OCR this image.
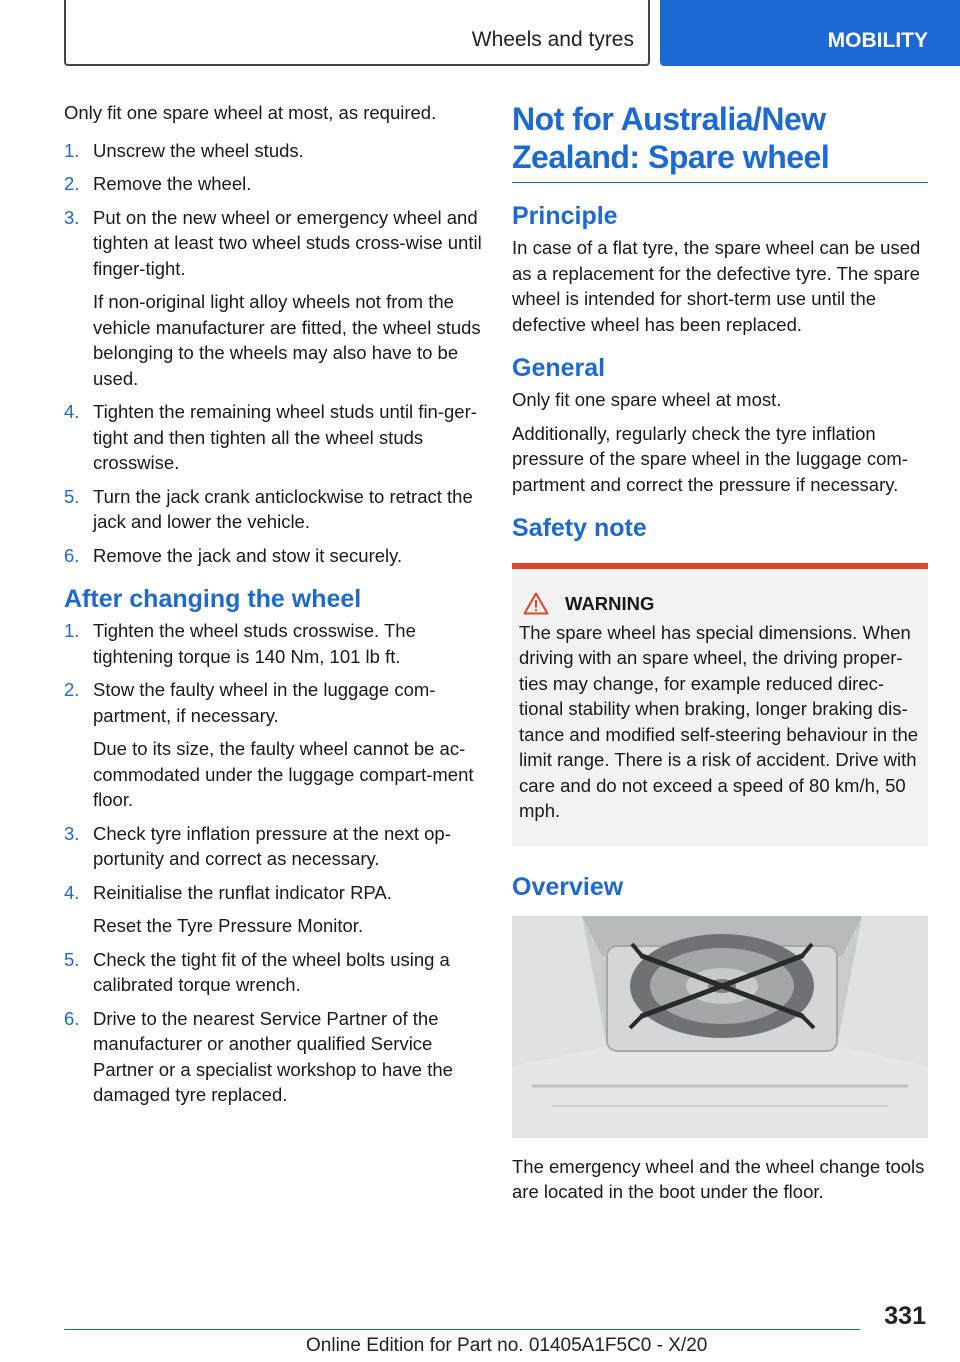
Wheels and tyres	MOBILITY

Only fit one spare wheel at most, as required.

1. Unscrew the wheel studs.
2. Remove the wheel.
3. Put on the new wheel or emergency wheel and tighten at least two wheel studs cross‐wise until finger-tight.
If non-original light alloy wheels not from the vehicle manufacturer are fitted, the wheel studs belonging to the wheels may also have to be used.
4. Tighten the remaining wheel studs until fin‐ger-tight and then tighten all the wheel studs crosswise.
5. Turn the jack crank anticlockwise to retract the jack and lower the vehicle.
6. Remove the jack and stow it securely.
After changing the wheel
1. Tighten the wheel studs crosswise. The tightening torque is 140 Nm, 101 lb ft.
2. Stow the faulty wheel in the luggage com‐partment, if necessary.
Due to its size, the faulty wheel cannot be ac‐commodated under the luggage compart‐ment floor.
3. Check tyre inflation pressure at the next op‐portunity and correct as necessary.
4. Reinitialise the runflat indicator RPA.
Reset the Tyre Pressure Monitor.
5. Check the tight fit of the wheel bolts using a calibrated torque wrench.
6. Drive to the nearest Service Partner of the manufacturer or another qualified Service Partner or a specialist workshop to have the damaged tyre replaced.
Not for Australia/New Zealand: Spare wheel
Principle

In case of a flat tyre, the spare wheel can be used as a replacement for the defective tyre. The spare wheel is intended for short-term use until the defective wheel has been replaced.

General

Only fit one spare wheel at most.

Additionally, regularly check the tyre inflation pressure of the spare wheel in the luggage com‐partment and correct the pressure if necessary.

Safety note
WARNING

The spare wheel has special dimensions. When driving with an spare wheel, the driving proper‐ties may change, for example reduced direc‐tional stability when braking, longer braking dis‐tance and modified self-steering behaviour in the limit range. There is a risk of accident. Drive with care and do not exceed a speed of 80 km/h, 50 mph.

Overview

The emergency wheel and the wheel change tools are located in the boot under the floor.

331
Online Edition for Part no. 01405A1F5C0 - X/20
